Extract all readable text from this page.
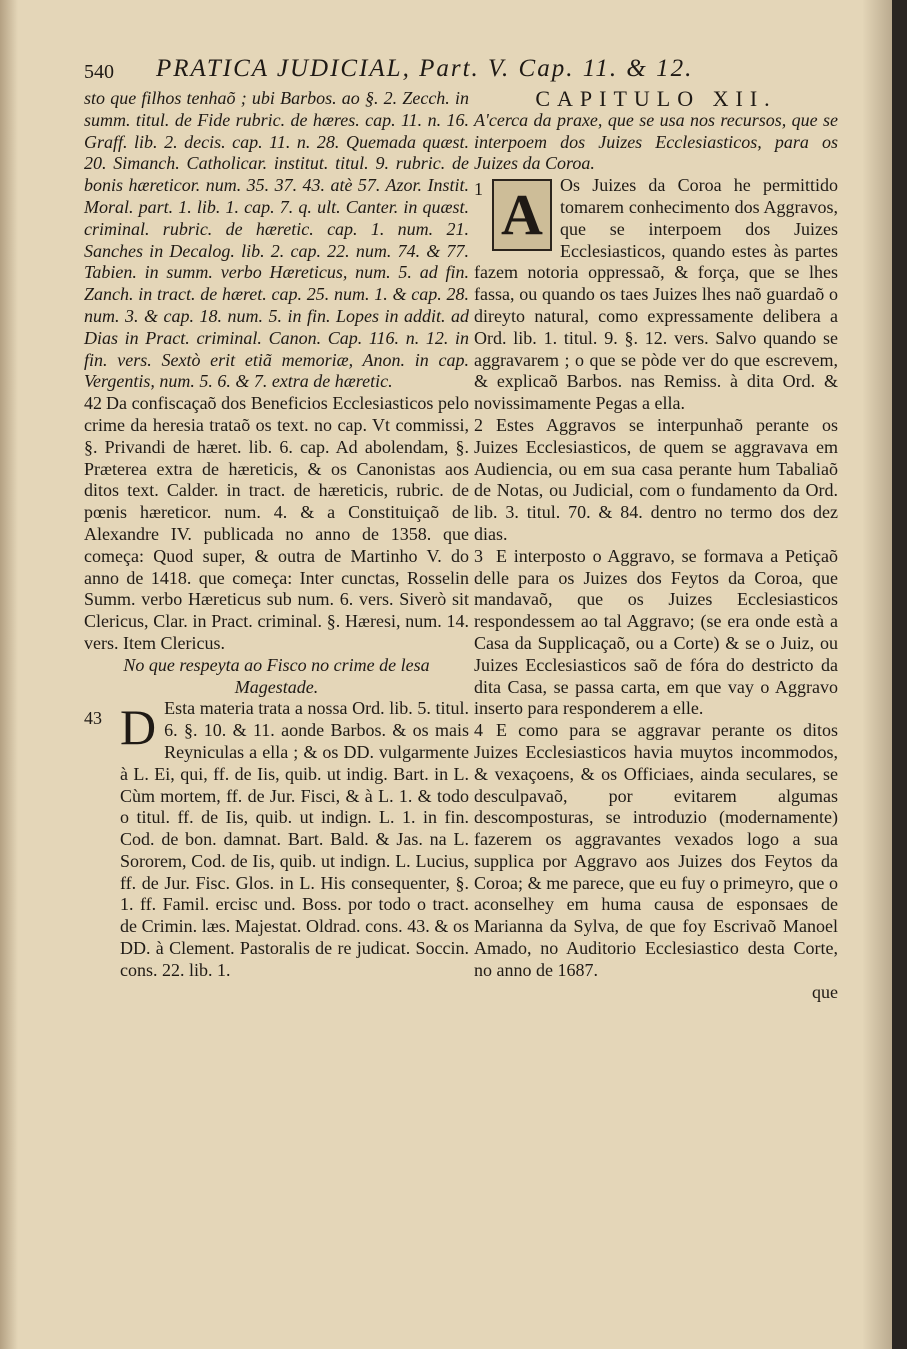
540 PRATICA JUDICIAL, Part. V. Cap. 11. & 12.

sto que filhos tenhaõ ; ubi Barbos. ao §. 2. Zecch. in summ. titul. de Fide rubric. de hæres. cap. 11. n. 16. Graff. lib. 2. decis. cap. 11. n. 28. Quemada quæst. 20. Simanch. Catholicar. institut. titul. 9. rubric. de bonis hæreticor. num. 35. 37. 43. atè 57. Azor. Instit. Moral. part. 1. lib. 1. cap. 7. q. ult. Canter. in quæst. criminal. rubric. de hæretic. cap. 1. num. 21. Sanches in Decalog. lib. 2. cap. 22. num. 74. & 77. Tabien. in summ. verbo Hæreticus, num. 5. ad fin. Zanch. in tract. de hæret. cap. 25. num. 1. & cap. 28. num. 3. & cap. 18. num. 5. in fin. Lopes in addit. ad Dias in Pract. criminal. Canon. Cap. 116. n. 12. in fin. vers. Sextò erit etiã memoriæ, Anon. in cap. Vergentis, num. 5. 6. & 7. extra de hæretic.

42 Da confiscaçaõ dos Beneficios Ecclesiasticos pelo crime da heresia trataõ os text. no cap. Vt commissi, §. Privandi de hæret. lib. 6. cap. Ad abolendam, §. Præterea extra de hæreticis, & os Canonistas aos ditos text. Calder. in tract. de hæreticis, rubric. de pœnis hæreticor. num. 4. & a Constituiçaõ de Alexandre IV. publicada no anno de 1358. que começa: Quod super, & outra de Martinho V. do anno de 1418. que começa: Inter cunctas, Rosselin Summ. verbo Hæreticus sub num. 6. vers. Siverò sit Clericus, Clar. in Pract. criminal. §. Hæresi, num. 14. vers. Item Clericus.

No que respeyta ao Fisco no crime de lesa Magestade.

43 D Esta materia trata a nossa Ord. lib. 5. titul. 6. §. 10. & 11. aonde Barbos. & os mais Reyniculas a ella ; & os DD. vulgarmente à L. Ei, qui, ff. de Iis, quib. ut indig. Bart. in L. Cùm mortem, ff. de Jur. Fisci, & à L. 1. & todo o titul. ff. de Iis, quib. ut indign. L. 1. in fin. Cod. de bon. damnat. Bart. Bald. & Jas. na L. Sororem, Cod. de Iis, quib. ut indign. L. Lucius, ff. de Jur. Fisc. Glos. in L. His consequenter, §. 1. ff. Famil. ercisc und. Boss. por todo o tract. de Crimin. læs. Majestat. Oldrad. cons. 43. & os DD. à Clement. Pastoralis de re judicat. Soccin. cons. 22. lib. 1.

CAPITULO XII.

A'cerca da praxe, que se usa nos recursos, que se interpoem dos Juizes Ecclesiasticos, para os Juizes da Coroa.

1 A Os Juizes da Coroa he permittido tomarem conhecimento dos Aggravos, que se interpoem dos Juizes Ecclesiasticos, quando estes às partes fazem notoria oppressaõ, & força, que se lhes fassa, ou quando os taes Juizes lhes naõ guardaõ o direyto natural, como expressamente delibera a Ord. lib. 1. titul. 9. §. 12. vers. Salvo quando se aggravarem ; o que se pòde ver do que escrevem, & explicaõ Barbos. nas Remiss. à dita Ord. & novissimamente Pegas a ella.

2 Estes Aggravos se interpunhaõ perante os Juizes Ecclesiasticos, de quem se aggravava em Audiencia, ou em sua casa perante hum Tabaliaõ de Notas, ou Judicial, com o fundamento da Ord. lib. 3. titul. 70. & 84. dentro no termo dos dez dias.

3 E interposto o Aggravo, se formava a Petiçaõ delle para os Juizes dos Feytos da Coroa, que mandavaõ, que os Juizes Ecclesiasticos respondessem ao tal Aggravo; (se era onde està a Casa da Supplicaçaõ, ou a Corte) & se o Juiz, ou Juizes Ecclesiasticos saõ de fóra do destricto da dita Casa, se passa carta, em que vay o Aggravo inserto para responderem a elle.

4 E como para se aggravar perante os ditos Juizes Ecclesiasticos havia muytos incommodos, & vexaçoens, & os Officiaes, ainda seculares, se desculpavaõ, por evitarem algumas descomposturas, se introduzio (modernamente) fazerem os aggravantes vexados logo a sua supplica por Aggravo aos Juizes dos Feytos da Coroa; & me parece, que eu fuy o primeyro, que o aconselhey em huma causa de esponsaes de Marianna da Sylva, de que foy Escrivaõ Manoel Amado, no Auditorio Ecclesiastico desta Corte, no anno de 1687.

que
